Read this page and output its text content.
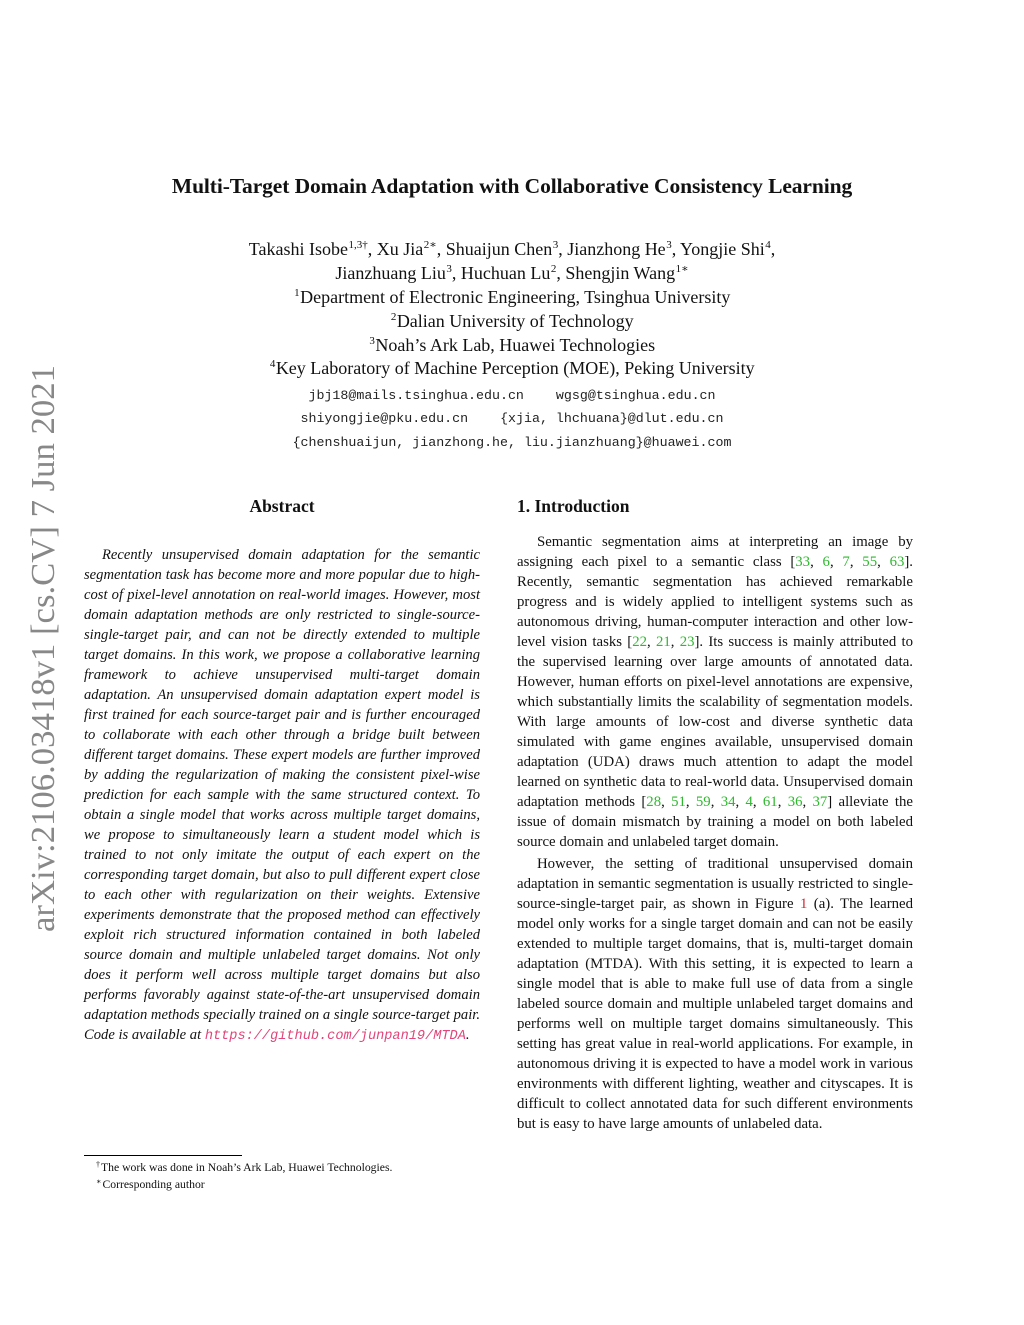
arXiv:2106.03418v1 [cs.CV] 7 Jun 2021
Multi-Target Domain Adaptation with Collaborative Consistency Learning
Takashi Isobe$^{1,3\dagger}$, Xu Jia$^{2∗}$, Shuaijun Chen$^3$, Jianzhong He$^3$, Yongjie Shi$^4$,
Jianzhuang Liu$^3$, Huchuan Lu$^2$, Shengjin Wang$^{1∗}$
$^1$Department of Electronic Engineering, Tsinghua University
$^2$Dalian University of Technology
$^3$Noah’s Ark Lab, Huawei Technologies
$^4$Key Laboratory of Machine Perception (MOE), Peking University
jbj18@mails.tsinghua.edu.cn wgsg@tsinghua.edu.cn
shiyongjie@pku.edu.cn {xjia, lhchuana}@dlut.edu.cn
{chenshuaijun, jianzhong.he, liu.jianzhuang}@huawei.com
Abstract
Recently unsupervised domain adaptation for the semantic segmentation task has become more and more popular due to high-cost of pixel-level annotation on real-world images. However, most domain adaptation methods are only restricted to single-source-single-target pair, and can not be directly extended to multiple target domains. In this work, we propose a collaborative learning framework to achieve unsupervised multi-target domain adaptation. An unsupervised domain adaptation expert model is first trained for each source-target pair and is further encouraged to collaborate with each other through a bridge built between different target domains. These expert models are further improved by adding the regularization of making the consistent pixel-wise prediction for each sample with the same structured context. To obtain a single model that works across multiple target domains, we propose to simultaneously learn a student model which is trained to not only imitate the output of each expert on the corresponding target domain, but also to pull different expert close to each other with regularization on their weights. Extensive experiments demonstrate that the proposed method can effectively exploit rich structured information contained in both labeled source domain and multiple unlabeled target domains. Not only does it perform well across multiple target domains but also performs favorably against state-of-the-art unsupervised domain adaptation methods specially trained on a single source-target pair. Code is available at https://github.com/junpan19/MTDA.
†The work was done in Noah’s Ark Lab, Huawei Technologies.
∗Corresponding author
1. Introduction

Semantic segmentation aims at interpreting an image by assigning each pixel to a semantic class [33, 6, 7, 55, 63]. Recently, semantic segmentation has achieved remarkable progress and is widely applied to intelligent systems such as autonomous driving, human-computer interaction and other low-level vision tasks [22, 21, 23]. Its success is mainly attributed to the supervised learning over large amounts of annotated data. However, human efforts on pixel-level annotations are expensive, which substantially limits the scalability of segmentation models. With large amounts of low-cost and diverse synthetic data simulated with game engines available, unsupervised domain adaptation (UDA) draws much attention to adapt the model learned on synthetic data to real-world data. Unsupervised domain adaptation methods [28, 51, 59, 34, 4, 61, 36, 37] alleviate the issue of domain mismatch by training a model on both labeled source domain and unlabeled target domain.

However, the setting of traditional unsupervised domain adaptation in semantic segmentation is usually restricted to single-source-single-target pair, as shown in Figure 1 (a). The learned model only works for a single target domain and can not be easily extended to multiple target domains, that is, multi-target domain adaptation (MTDA). With this setting, it is expected to learn a single model that is able to make full use of data from a single labeled source domain and multiple unlabeled target domains and performs well on multiple target domains simultaneously. This setting has great value in real-world applications. For example, in autonomous driving it is expected to have a model work in various environments with different lighting, weather and cityscapes. It is difficult to collect annotated data for such different environments but is easy to have large amounts of unlabeled data.
